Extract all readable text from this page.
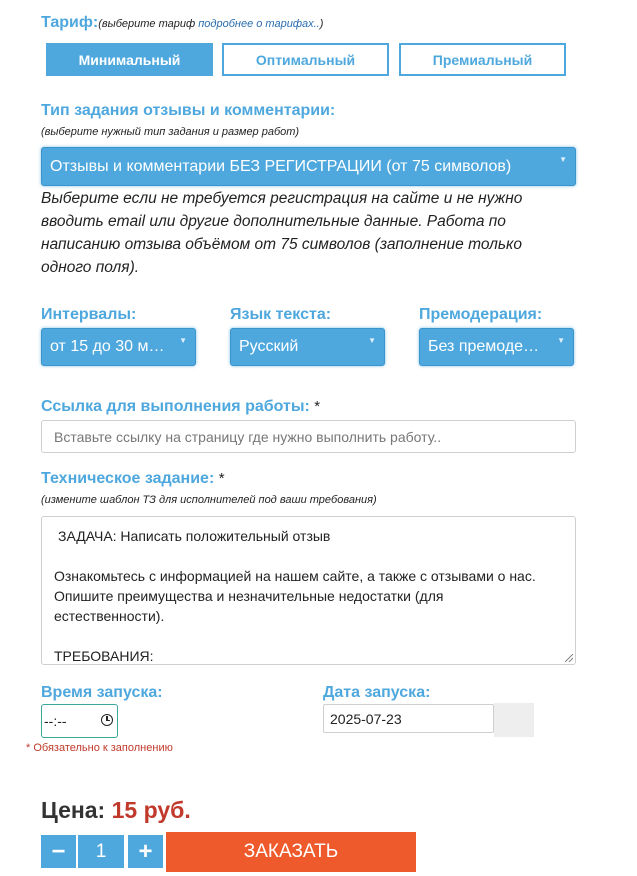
Тариф:(выберите тариф подробнее о тарифах..)
Минимальный	Оптимальный	Премиальный
Тип задания отзывы и комментарии:
(выберите нужный тип задания и размер работ)
Отзывы и комментарии БЕЗ РЕГИСТРАЦИИ (от 75 символов)	▼
Выберите если не требуется регистрация на сайте и не нужно
вводить email или другие дополнительные данные. Работа по
написанию отзыва объёмом от 75 символов (заполнение только
одного поля).
Интервалы:	Язык текста:	Премодерация:
от 15 до 30 м…	▼	Русский	▼	Без премоде…	▼
Ссылка для выполнения работы: *
Вставьте ссылку на страницу где нужно выполнить работу..
Техническое задание: *
(измените шаблон ТЗ для исполнителей под ваши требования)
ЗАДАЧА: Написать положительный отзыв
Ознакомьтесь с информацией на нашем сайте, а также с отзывами о нас.
Опишите преимущества и незначительные недостатки (для
естественности).
ТРЕБОВАНИЯ:
Время запуска:	Дата запуска:
--:--	2025-07-23
* Обязательно к заполнению
Цена: 15 руб.
−	1	+	ЗАКАЗАТЬ
